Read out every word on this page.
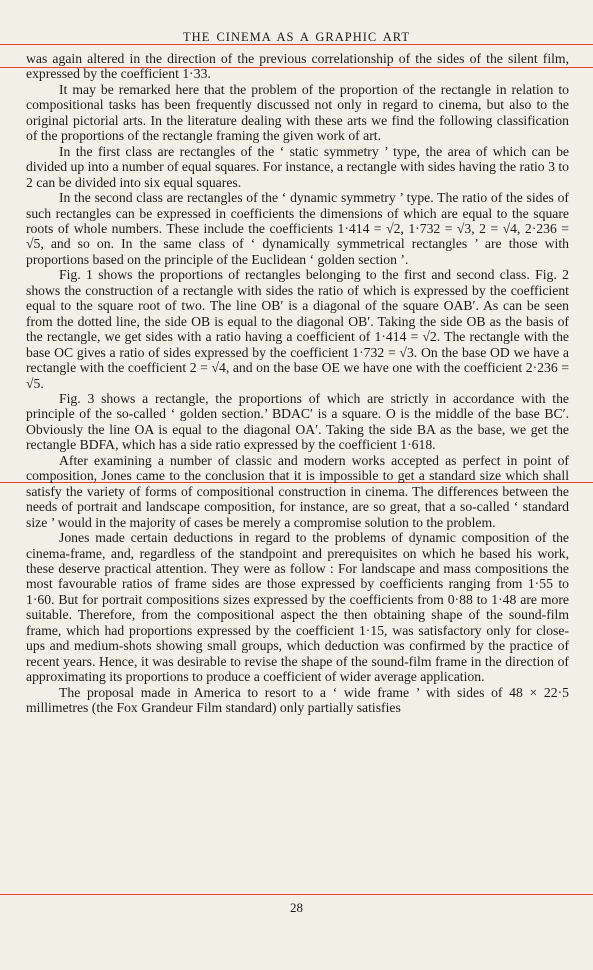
THE CINEMA AS A GRAPHIC ART

was again altered in the direction of the previous correlationship of the sides of the silent film, expressed by the coefficient 1·33.

It may be remarked here that the problem of the proportion of the rectangle in relation to compositional tasks has been frequently discussed not only in regard to cinema, but also to the original pictorial arts. In the literature dealing with these arts we find the following classification of the proportions of the rectangle framing the given work of art.

In the first class are rectangles of the ‘ static symmetry ’ type, the area of which can be divided up into a number of equal squares. For instance, a rectangle with sides having the ratio 3 to 2 can be divided into six equal squares.

In the second class are rectangles of the ‘ dynamic symmetry ’ type. The ratio of the sides of such rectangles can be expressed in coefficients the dimensions of which are equal to the square roots of whole numbers. These include the coefficients 1·414 = √2, 1·732 = √3, 2 = √4, 2·236 = √5, and so on. In the same class of ‘ dynamically symmetrical rectangles ’ are those with proportions based on the principle of the Euclidean ‘ golden section ’.

Fig. 1 shows the proportions of rectangles belonging to the first and second class. Fig. 2 shows the construction of a rectangle with sides the ratio of which is expressed by the coefficient equal to the square root of two. The line OB′ is a diagonal of the square OAB′. As can be seen from the dotted line, the side OB is equal to the diagonal OB′. Taking the side OB as the basis of the rectangle, we get sides with a ratio having a coefficient of 1·414 = √2. The rectangle with the base OC gives a ratio of sides expressed by the coefficient 1·732 = √3. On the base OD we have a rectangle with the coefficient 2 = √4, and on the base OE we have one with the coefficient 2·236 = √5.

Fig. 3 shows a rectangle, the proportions of which are strictly in accordance with the principle of the so-called ‘ golden section.’ BDAC′ is a square. O is the middle of the base BC′. Obviously the line OA is equal to the diagonal OA′. Taking the side BA as the base, we get the rectangle BDFA, which has a side ratio expressed by the coefficient 1·618.

After examining a number of classic and modern works accepted as perfect in point of composition, Jones came to the conclusion that it is impossible to get a standard size which shall satisfy the variety of forms of compositional construction in cinema. The differences between the needs of portrait and landscape composition, for instance, are so great, that a so-called ‘ standard size ’ would in the majority of cases be merely a compromise solution to the problem.

Jones made certain deductions in regard to the problems of dynamic composition of the cinema-frame, and, regardless of the standpoint and prerequisites on which he based his work, these deserve practical attention. They were as follow : For landscape and mass compositions the most favourable ratios of frame sides are those expressed by coefficients ranging from 1·55 to 1·60. But for portrait compositions sizes expressed by the coefficients from 0·88 to 1·48 are more suitable. Therefore, from the compositional aspect the then obtaining shape of the sound-film frame, which had proportions expressed by the coefficient 1·15, was satisfactory only for close-ups and medium-shots showing small groups, which deduction was confirmed by the practice of recent years. Hence, it was desirable to revise the shape of the sound-film frame in the direction of approximating its proportions to produce a coefficient of wider average application.

The proposal made in America to resort to a ‘ wide frame ’ with sides of 48 × 22·5 millimetres (the Fox Grandeur Film standard) only partially satisfies

28
